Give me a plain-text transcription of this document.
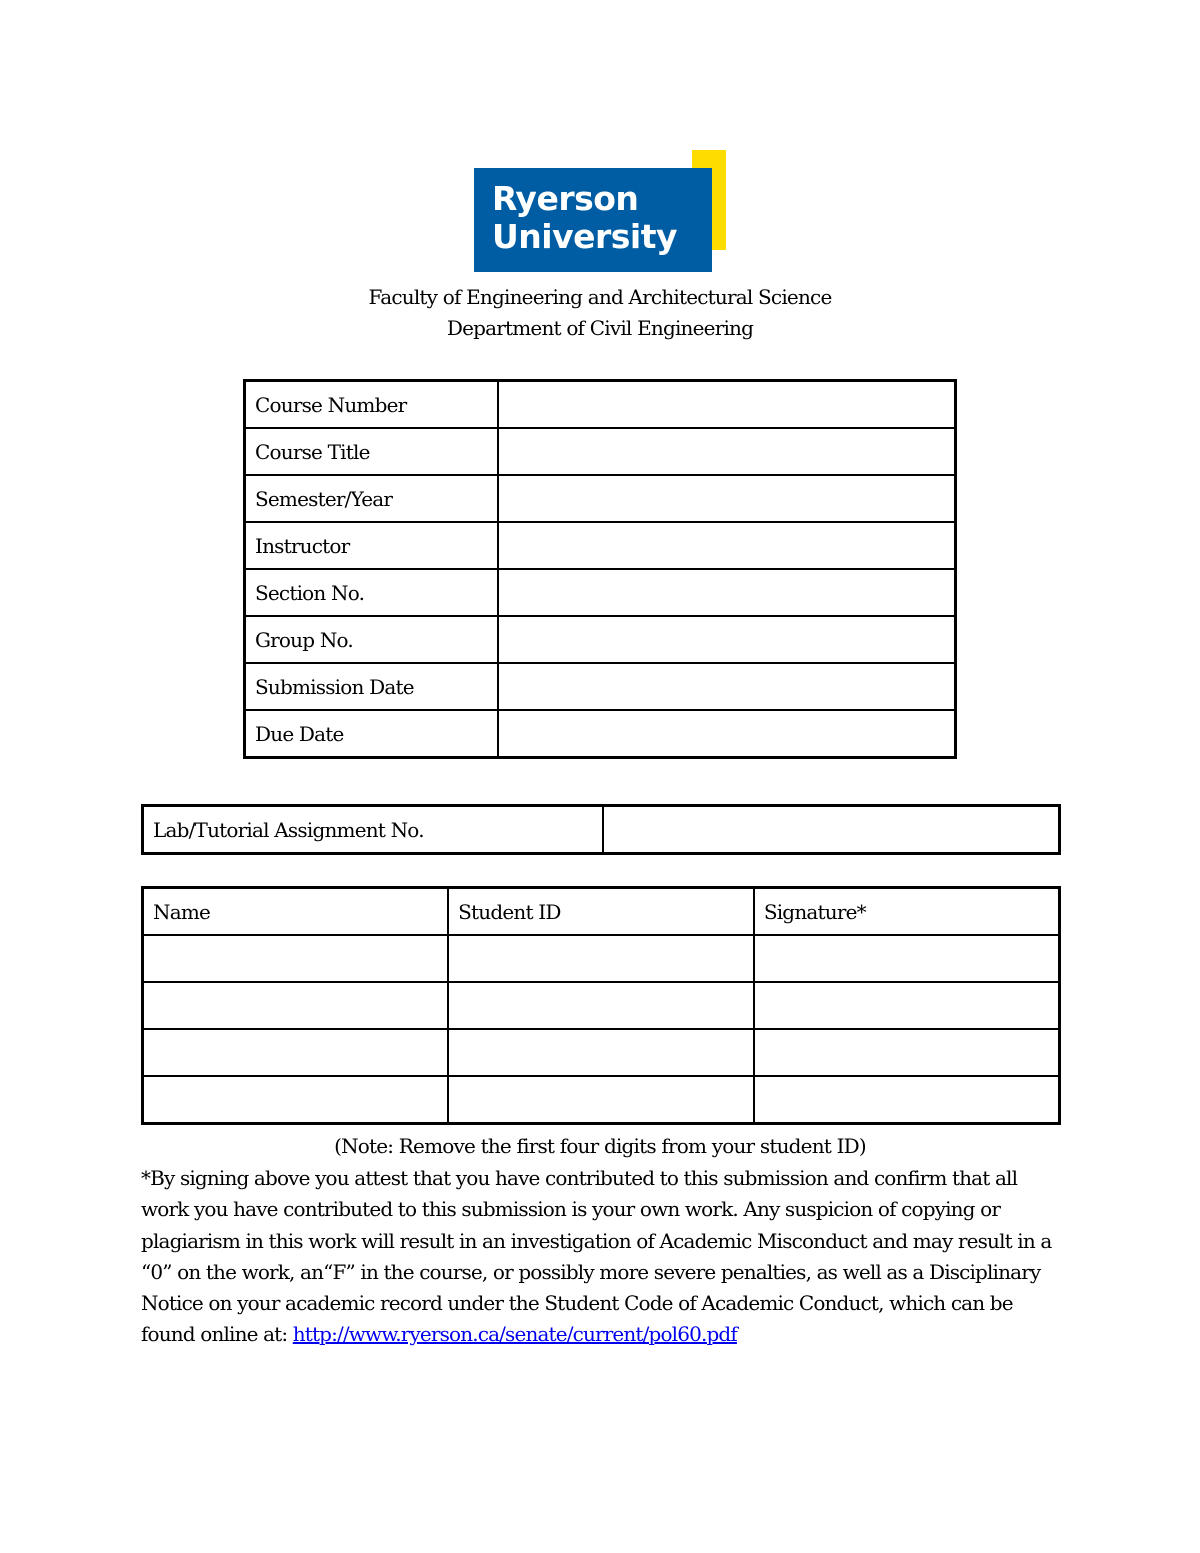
Ryerson
University
Faculty of Engineering and Architectural Science
Department of Civil Engineering
Course Number	
Course Title	
Semester/Year	
Instructor	
Section No.	
Group No.	
Submission Date	
Due Date	
Lab/Tutorial Assignment No.	
Name	Student ID	Signature*

(Note: Remove the first four digits from your student ID)
*By signing above you attest that you have contributed to this submission and confirm that all work you have contributed to this submission is your own work. Any suspicion of copying or plagiarism in this work will result in an investigation of Academic Misconduct and may result in a “0” on the work, an“F” in the course, or possibly more severe penalties, as well as a Disciplinary Notice on your academic record under the Student Code of Academic Conduct, which can be found online at: http://www.ryerson.ca/senate/current/pol60.pdf
